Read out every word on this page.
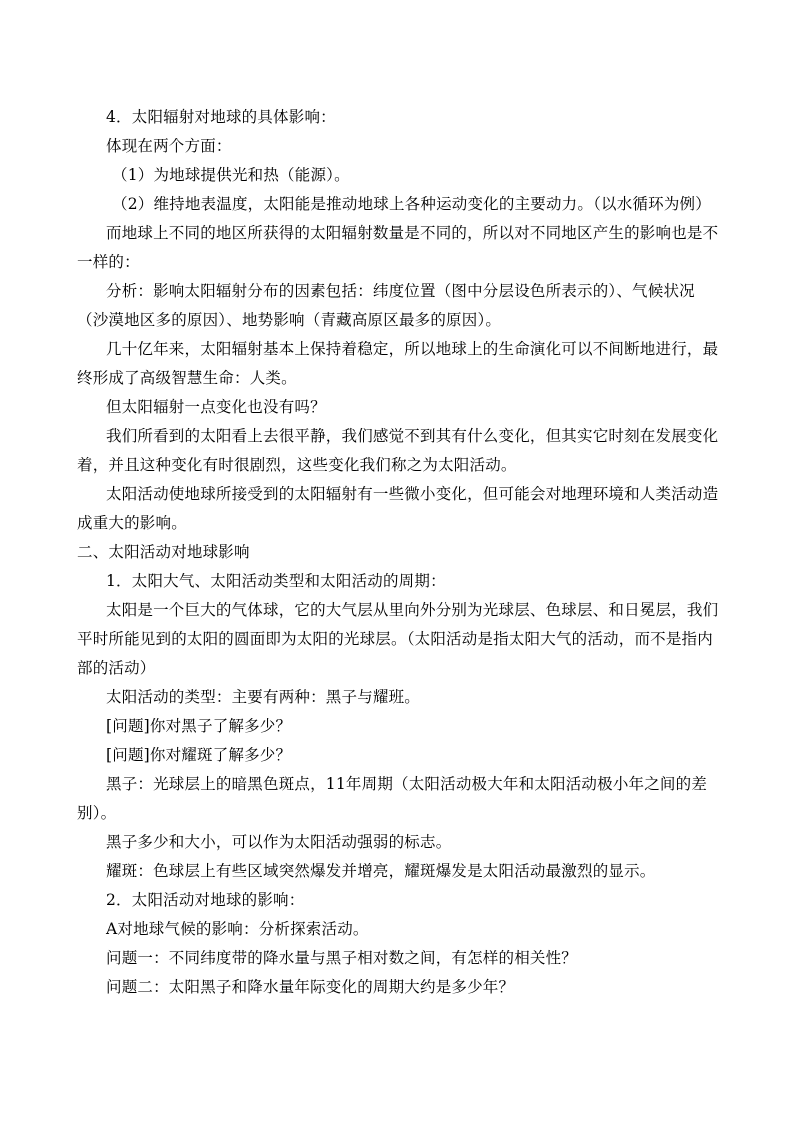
4．太阳辐射对地球的具体影响：
体现在两个方面：
（1）为地球提供光和热（能源）。
（2）维持地表温度，太阳能是推动地球上各种运动变化的主要动力。（以水循环为例）
而地球上不同的地区所获得的太阳辐射数量是不同的，所以对不同地区产生的影响也是不
一样的：
分析：影响太阳辐射分布的因素包括：纬度位置（图中分层设色所表示的）、气候状况
（沙漠地区多的原因）、地势影响（青藏高原区最多的原因）。
几十亿年来，太阳辐射基本上保持着稳定，所以地球上的生命演化可以不间断地进行，最
终形成了高级智慧生命：人类。
但太阳辐射一点变化也没有吗？
我们所看到的太阳看上去很平静，我们感觉不到其有什么变化，但其实它时刻在发展变化
着，并且这种变化有时很剧烈，这些变化我们称之为太阳活动。
太阳活动使地球所接受到的太阳辐射有一些微小变化，但可能会对地理环境和人类活动造
成重大的影响。
二、太阳活动对地球影响
1．太阳大气、太阳活动类型和太阳活动的周期：
太阳是一个巨大的气体球，它的大气层从里向外分别为光球层、色球层、和日冕层，我们
平时所能见到的太阳的圆面即为太阳的光球层。（太阳活动是指太阳大气的活动，而不是指内
部的活动）
太阳活动的类型：主要有两种：黑子与耀班。
[问题]你对黑子了解多少？
[问题]你对耀斑了解多少？
黑子：光球层上的暗黑色斑点，11年周期（太阳活动极大年和太阳活动极小年之间的差
别）。
黑子多少和大小，可以作为太阳活动强弱的标志。
耀斑：色球层上有些区域突然爆发并增亮，耀斑爆发是太阳活动最激烈的显示。
2．太阳活动对地球的影响：
A对地球气候的影响：分析探索活动。
问题一：不同纬度带的降水量与黑子相对数之间，有怎样的相关性？
问题二：太阳黑子和降水量年际变化的周期大约是多少年？
